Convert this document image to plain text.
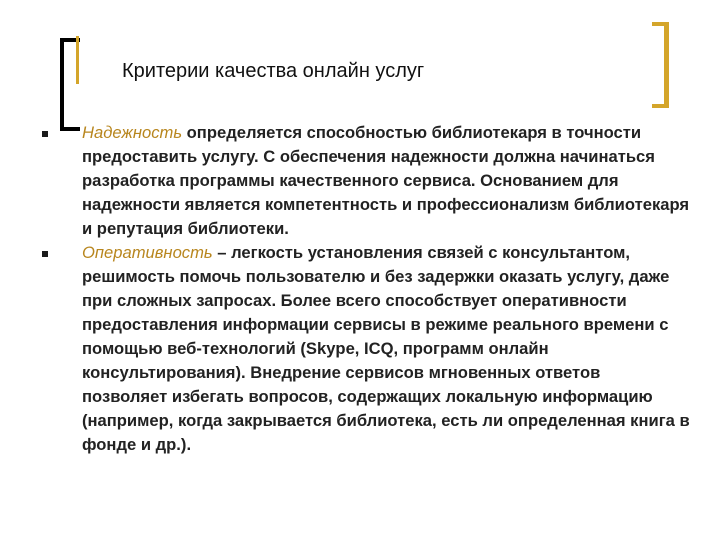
Критерии качества онлайн услуг
Надежность определяется способностью библиотекаря в точности предоставить услугу. С обеспечения надежности должна начинаться разработка программы качественного сервиса. Основанием для надежности является компетентность и профессионализм библиотекаря и репутация библиотеки.
Оперативность – легкость установления связей с консультантом, решимость помочь пользователю и без задержки оказать услугу, даже при сложных запросах. Более всего способствует оперативности предоставления информации сервисы в режиме реального времени с помощью веб-технологий (Skype, ICQ, программ онлайн консультирования). Внедрение сервисов мгновенных ответов позволяет избегать вопросов, содержащих локальную информацию (например, когда закрывается библиотека, есть ли определенная книга в фонде и др.).
